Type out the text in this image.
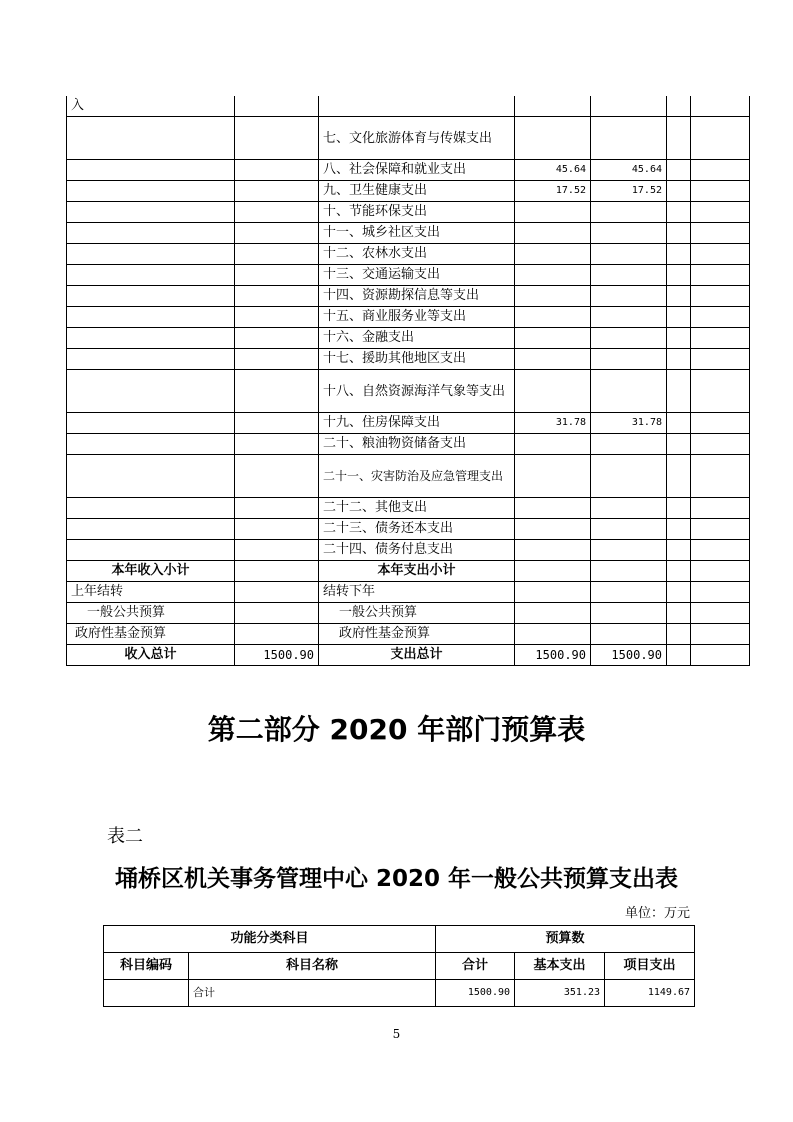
入						
		七、文化旅游体育与传媒支出				
		八、社会保障和就业支出	45.64	45.64		
		九、卫生健康支出	17.52	17.52		
		十、节能环保支出				
		十一、城乡社区支出				
		十二、农林水支出				
		十三、交通运输支出				
		十四、资源勘探信息等支出				
		十五、商业服务业等支出				
		十六、金融支出				
		十七、援助其他地区支出				
		十八、自然资源海洋气象等支出				
		十九、住房保障支出	31.78	31.78		
		二十、粮油物资储备支出				
		二十一、灾害防治及应急管理支出				
		二十二、其他支出				
		二十三、债务还本支出				
		二十四、债务付息支出				
本年收入小计		本年支出小计				
上年结转		结转下年				
一般公共预算		一般公共预算				
政府性基金预算		政府性基金预算				
收入总计	1500.90	支出总计	1500.90	1500.90		
第二部分 2020 年部门预算表
表二
埇桥区机关事务管理中心 2020 年一般公共预算支出表
单位：万元
功能分类科目		预算数		
科目编码	科目名称	合计	基本支出	项目支出
	合计	1500.90	351.23	1149.67
5
